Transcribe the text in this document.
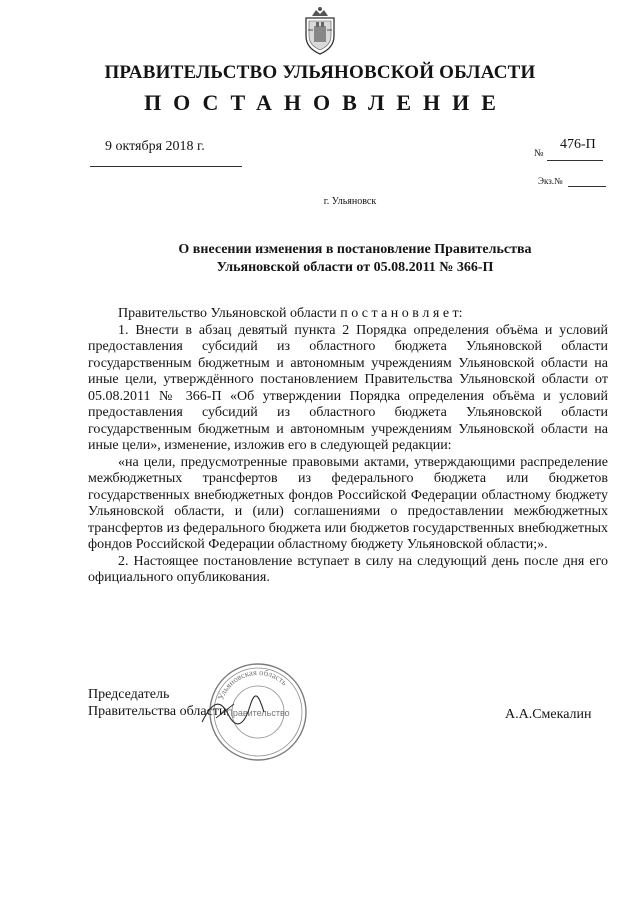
ПРАВИТЕЛЬСТВО УЛЬЯНОВСКОЙ ОБЛАСТИ
ПОСТАНОВЛЕНИЕ
9 октября 2018 г.	№
476-П
Экз.№
г. Ульяновск
О внесении изменения в постановление Правительства
Ульяновской области от 05.08.2011 № 366-П

Правительство Ульяновской области п о с т а н о в л я е т:

1. Внести в абзац девятый пункта 2 Порядка определения объёма и условий предоставления субсидий из областного бюджета Ульяновской области государственным бюджетным и автономным учреждениям Ульяновской области на иные цели, утверждённого постановлением Правительства Ульяновской области от 05.08.2011 № 366-П «Об утверждении Порядка определения объёма и условий предоставления субсидий из областного бюджета Ульяновской области государственным бюджетным и автономным учреждениям Ульяновской области на иные цели», изменение, изложив его в следующей редакции:

«на цели, предусмотренные правовыми актами, утверждающими распределение межбюджетных трансфертов из федерального бюджета или бюджетов государственных внебюджетных фондов Российской Федерации областному бюджету Ульяновской области, и (или) соглашениями о предоставлении межбюджетных трансфертов из федерального бюджета или бюджетов государственных внебюджетных фондов Российской Федерации областному бюджету Ульяновской области;».

2. Настоящее постановление вступает в силу на следующий день после дня его официального опубликования.

Председатель
Правительства области	А.А.Смекалин
Ульяновская область
Правительство
